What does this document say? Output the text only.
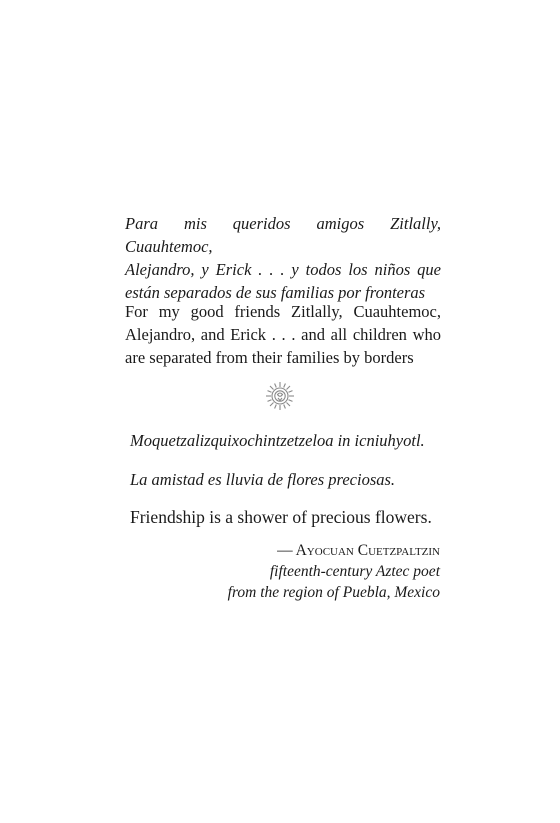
Para mis queridos amigos Zitlally, Cuauhtemoc,
Alejandro, y Erick . . . y todos los niños que
están separados de sus familias por fronteras
For my good friends Zitlally, Cuauhtemoc,
Alejandro, and Erick . . . and all children who
are separated from their families by borders
Moquetzalizquixochintzetzeloa in icniuhyotl.
La amistad es lluvia de flores preciosas.
Friendship is a shower of precious flowers.
— Ayocuan Cuetzpaltzin
fifteenth-century Aztec poet
from the region of Puebla, Mexico
